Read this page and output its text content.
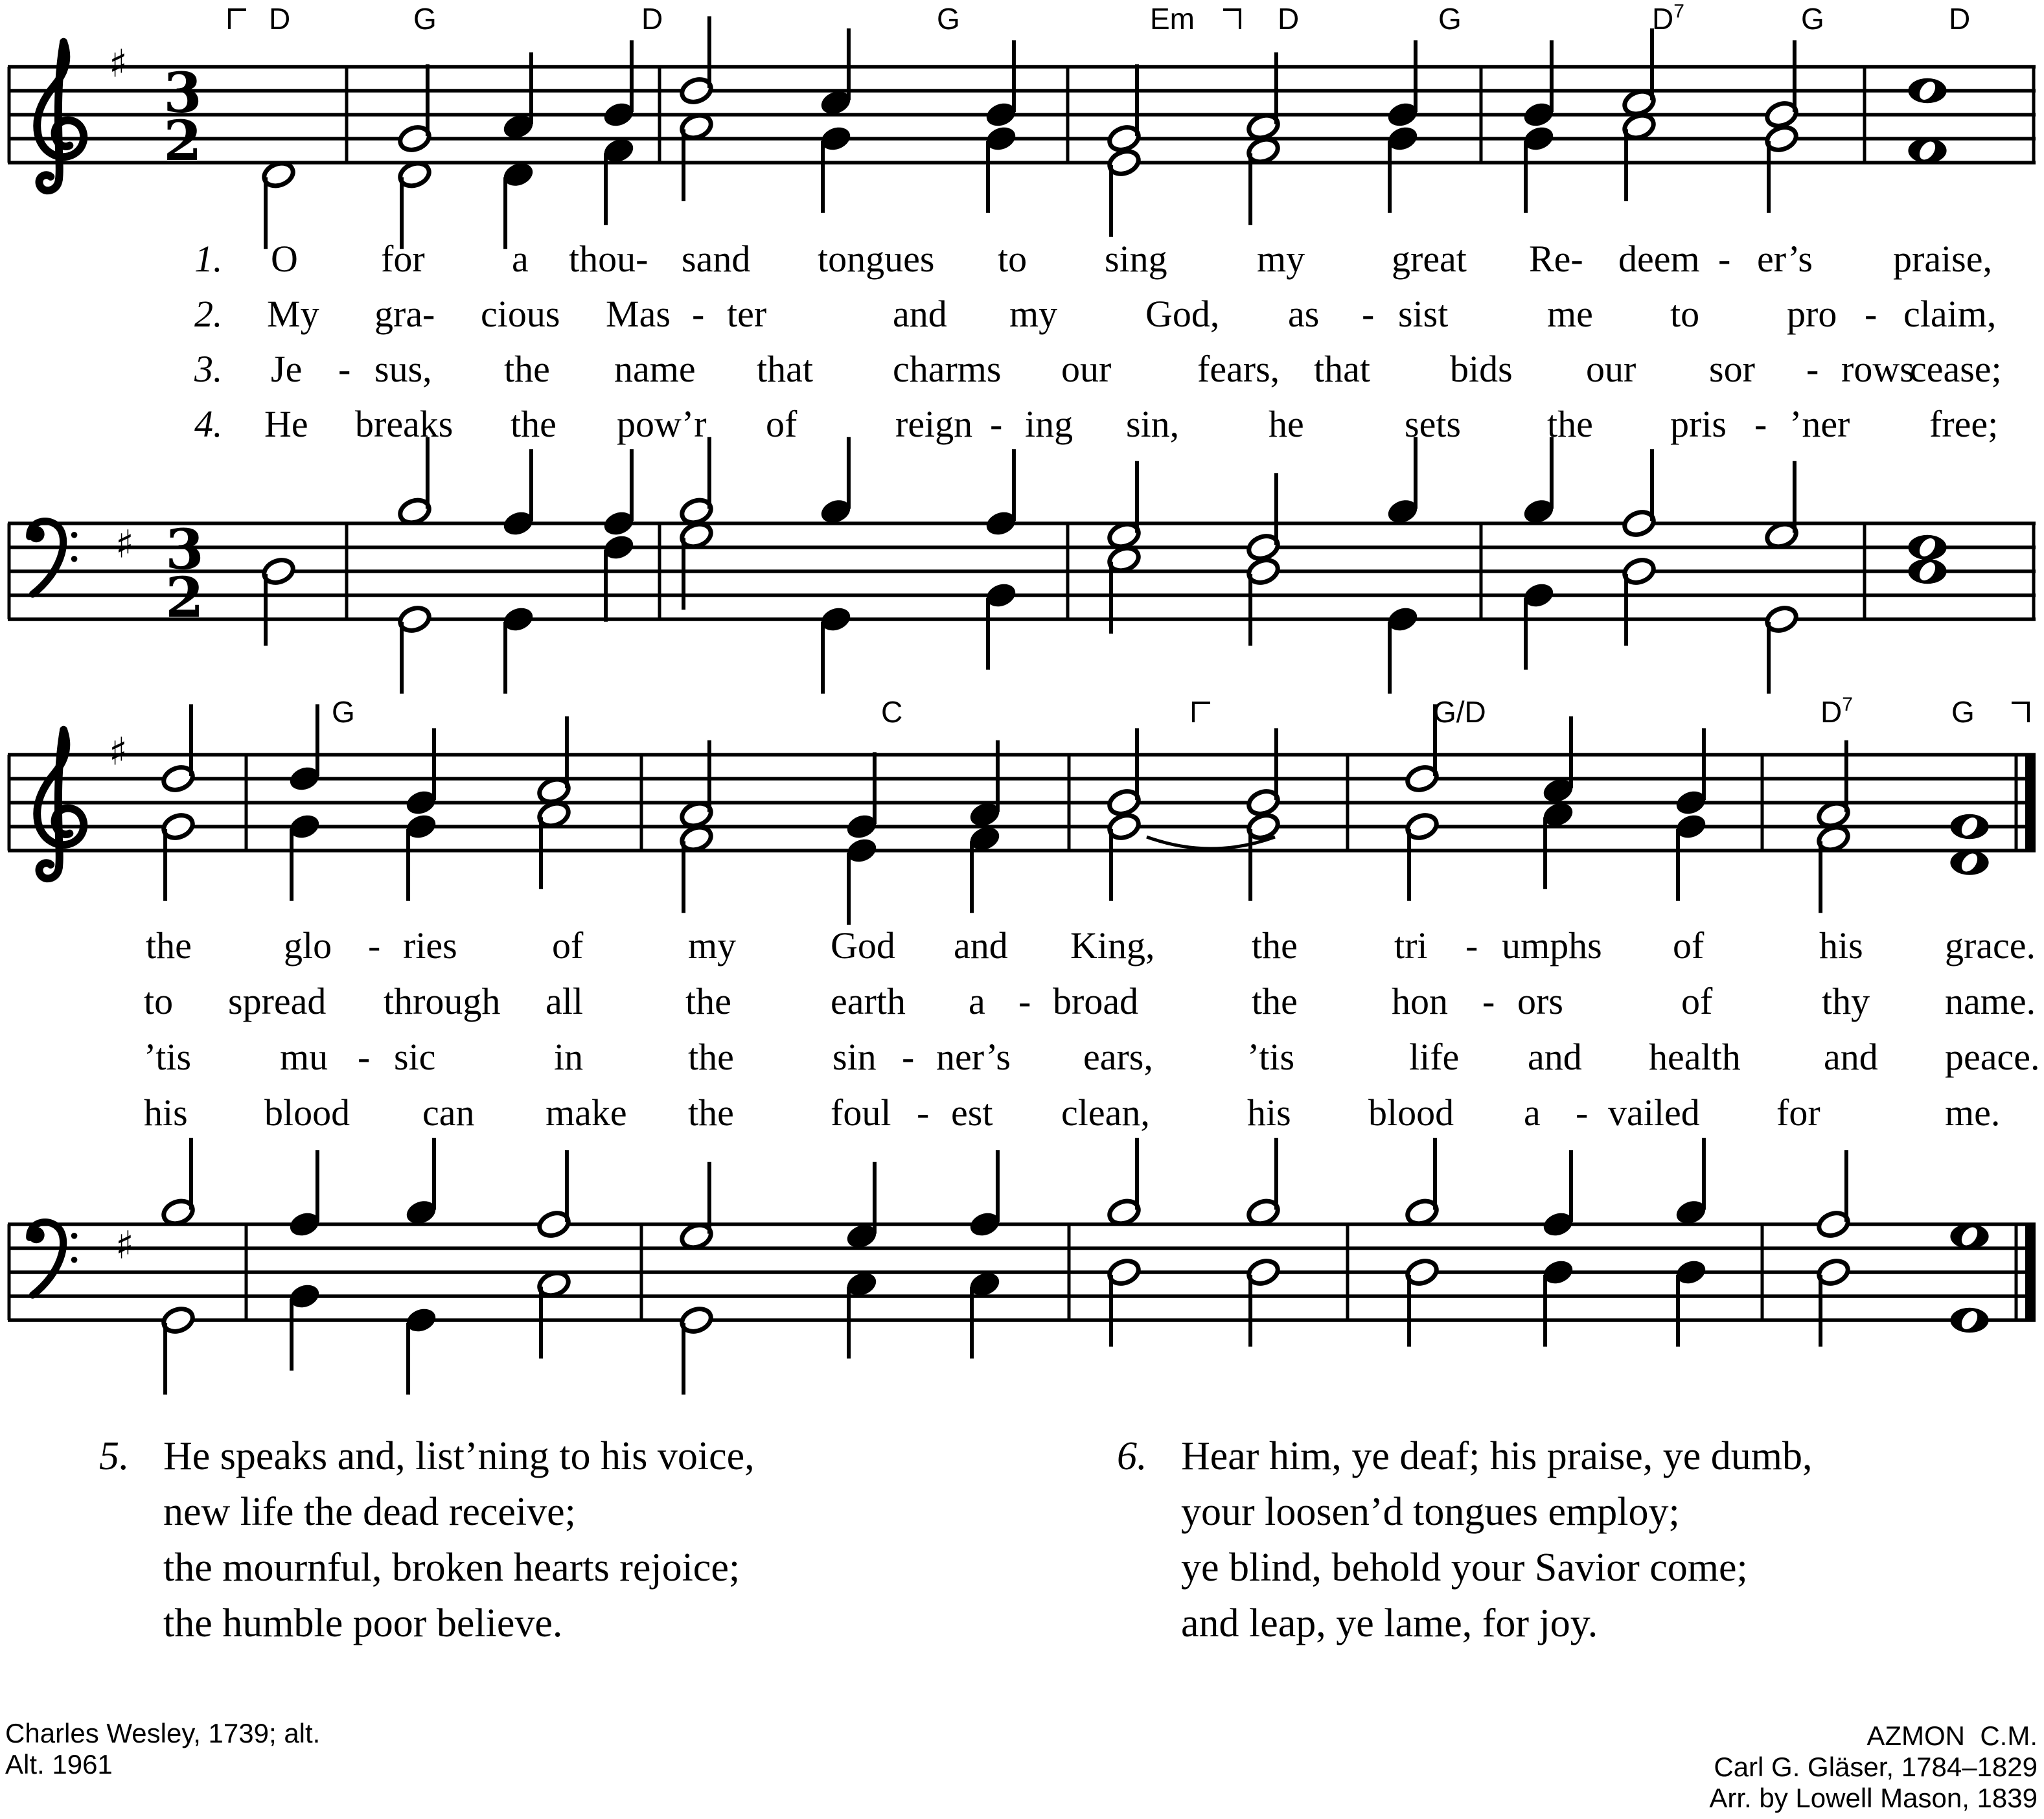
D	G	D	G	Em	D	G	$D^7$	G	D
♯ 3
2
♯ 3
2
G	C	G/D	$D^7$	G
♯
♯
1. O for a thou- sand tongues to sing my great Re- deem - er’s praise,
2. My gra- cious Mas - ter	and my God, as - sist	me to pro - claim,
3. Je - sus, the name that charms our fears, that bids our sor - rows
cease;
4. He breaks the pow’r of	reign - ing sin, he	sets the pris - ’ner free;
the glo - ries	of	my	God and King,	the	tri - umphs of	his grace.
to spread through all	the	earth a - broad	the	hon - ors	of	thy name.
’tis mu - sic	in	the	sin - ner’s ears,	’tis	life and health and peace.
his blood can make the	foul - est clean,	his blood a - vailed for	me.
5. He speaks and, list’ning to his voice,
new life the dead receive;
the mournful, broken hearts rejoice;
the humble poor believe.
6. Hear him, ye deaf; his praise, ye dumb,
your loosen’d tongues employ;
ye blind, behold your Savior come;
and leap, ye lame, for joy.
Charles Wesley, 1739; alt.
Alt. 1961
AZMON  C.M.
Carl G. Gläser, 1784–1829
Arr. by Lowell Mason, 1839
